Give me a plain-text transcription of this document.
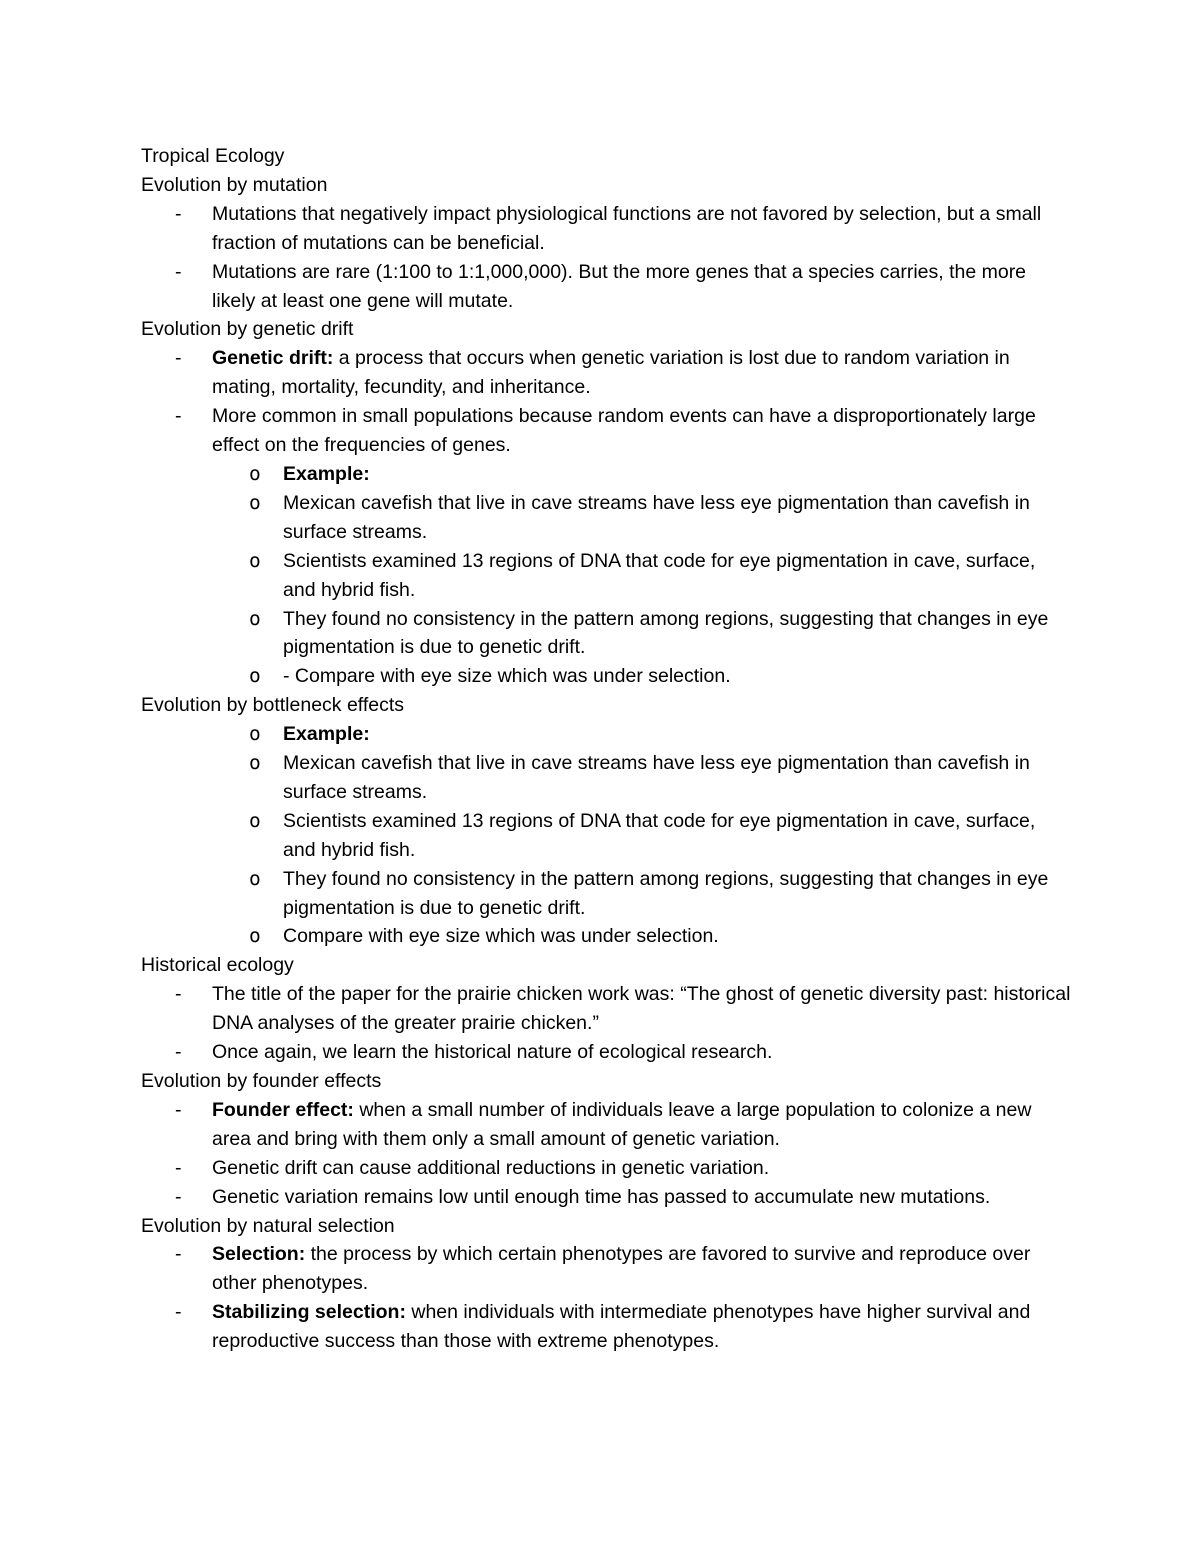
Tropical Ecology
Evolution by mutation
- Mutations that negatively impact physiological functions are not favored by selection, but a small fraction of mutations can be beneficial.
- Mutations are rare (1:100 to 1:1,000,000). But the more genes that a species carries, the more likely at least one gene will mutate.
Evolution by genetic drift
- Genetic drift: a process that occurs when genetic variation is lost due to random variation in mating, mortality, fecundity, and inheritance.
- More common in small populations because random events can have a disproportionately large effect on the frequencies of genes.
o Example:
o Mexican cavefish that live in cave streams have less eye pigmentation than cavefish in surface streams.
o Scientists examined 13 regions of DNA that code for eye pigmentation in cave, surface, and hybrid fish.
o They found no consistency in the pattern among regions, suggesting that changes in eye pigmentation is due to genetic drift.
o - Compare with eye size which was under selection.
Evolution by bottleneck effects
o Example:
o Mexican cavefish that live in cave streams have less eye pigmentation than cavefish in surface streams.
o Scientists examined 13 regions of DNA that code for eye pigmentation in cave, surface, and hybrid fish.
o They found no consistency in the pattern among regions, suggesting that changes in eye pigmentation is due to genetic drift.
o Compare with eye size which was under selection.
Historical ecology
- The title of the paper for the prairie chicken work was: “The ghost of genetic diversity past: historical DNA analyses of the greater prairie chicken.”
- Once again, we learn the historical nature of ecological research.
Evolution by founder effects
- Founder effect: when a small number of individuals leave a large population to colonize a new area and bring with them only a small amount of genetic variation.
- Genetic drift can cause additional reductions in genetic variation.
- Genetic variation remains low until enough time has passed to accumulate new mutations.
Evolution by natural selection
- Selection: the process by which certain phenotypes are favored to survive and reproduce over other phenotypes.
- Stabilizing selection: when individuals with intermediate phenotypes have higher survival and reproductive success than those with extreme phenotypes.
